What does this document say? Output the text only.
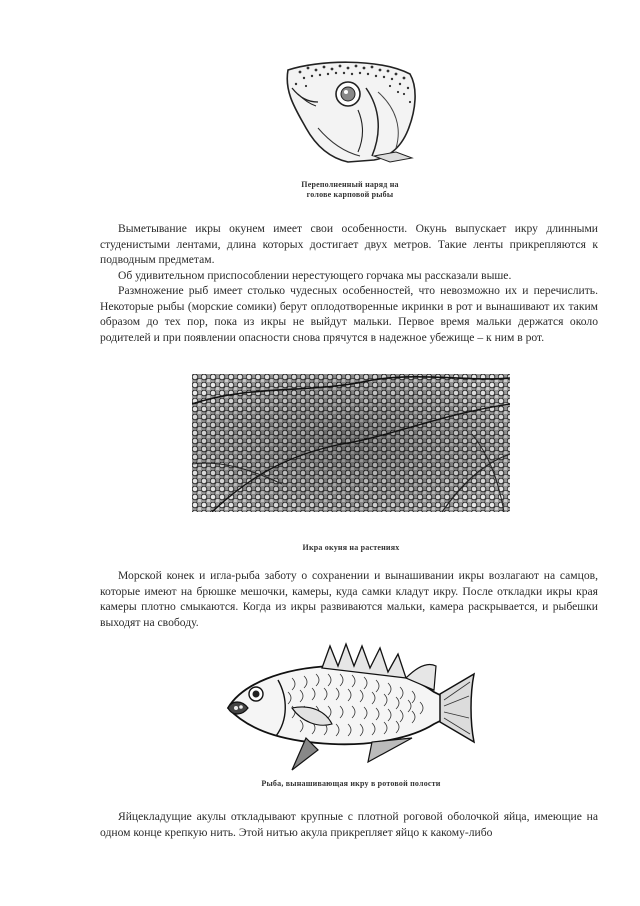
Переполненный наряд на голове карповой рыбы

Выметывание икры окунем имеет свои особенности. Окунь выпускает икру длинными студенистыми лентами, длина которых достигает двух метров. Такие ленты прикрепляются к подводным предметам.

Об удивительном приспособлении нерестующего горчака мы рассказали выше.

Размножение рыб имеет столько чудесных особенностей, что невозможно их и перечислить. Некоторые рыбы (морские сомики) берут оплодотворенные икринки в рот и вынашивают их таким образом до тех пор, пока из икры не выйдут мальки. Первое время мальки держатся около родителей и при появлении опасности снова прячутся в надежное убежище – к ним в рот.

Икра окуня на растениях

Морской конек и игла-рыба заботу о сохранении и вынашивании икры возлагают на самцов, которые имеют на брюшке мешочки, камеры, куда самки кладут икру. После откладки икры края камеры плотно смыкаются. Когда из икры развиваются мальки, камера раскрывается, и рыбешки выходят на свободу.

Рыба, вынашивающая икру в ротовой полости

Яйцекладущие акулы откладывают крупные с плотной роговой оболочкой яйца, имеющие на одном конце крепкую нить. Этой нитью акула прикрепляет яйцо к какому-либо
